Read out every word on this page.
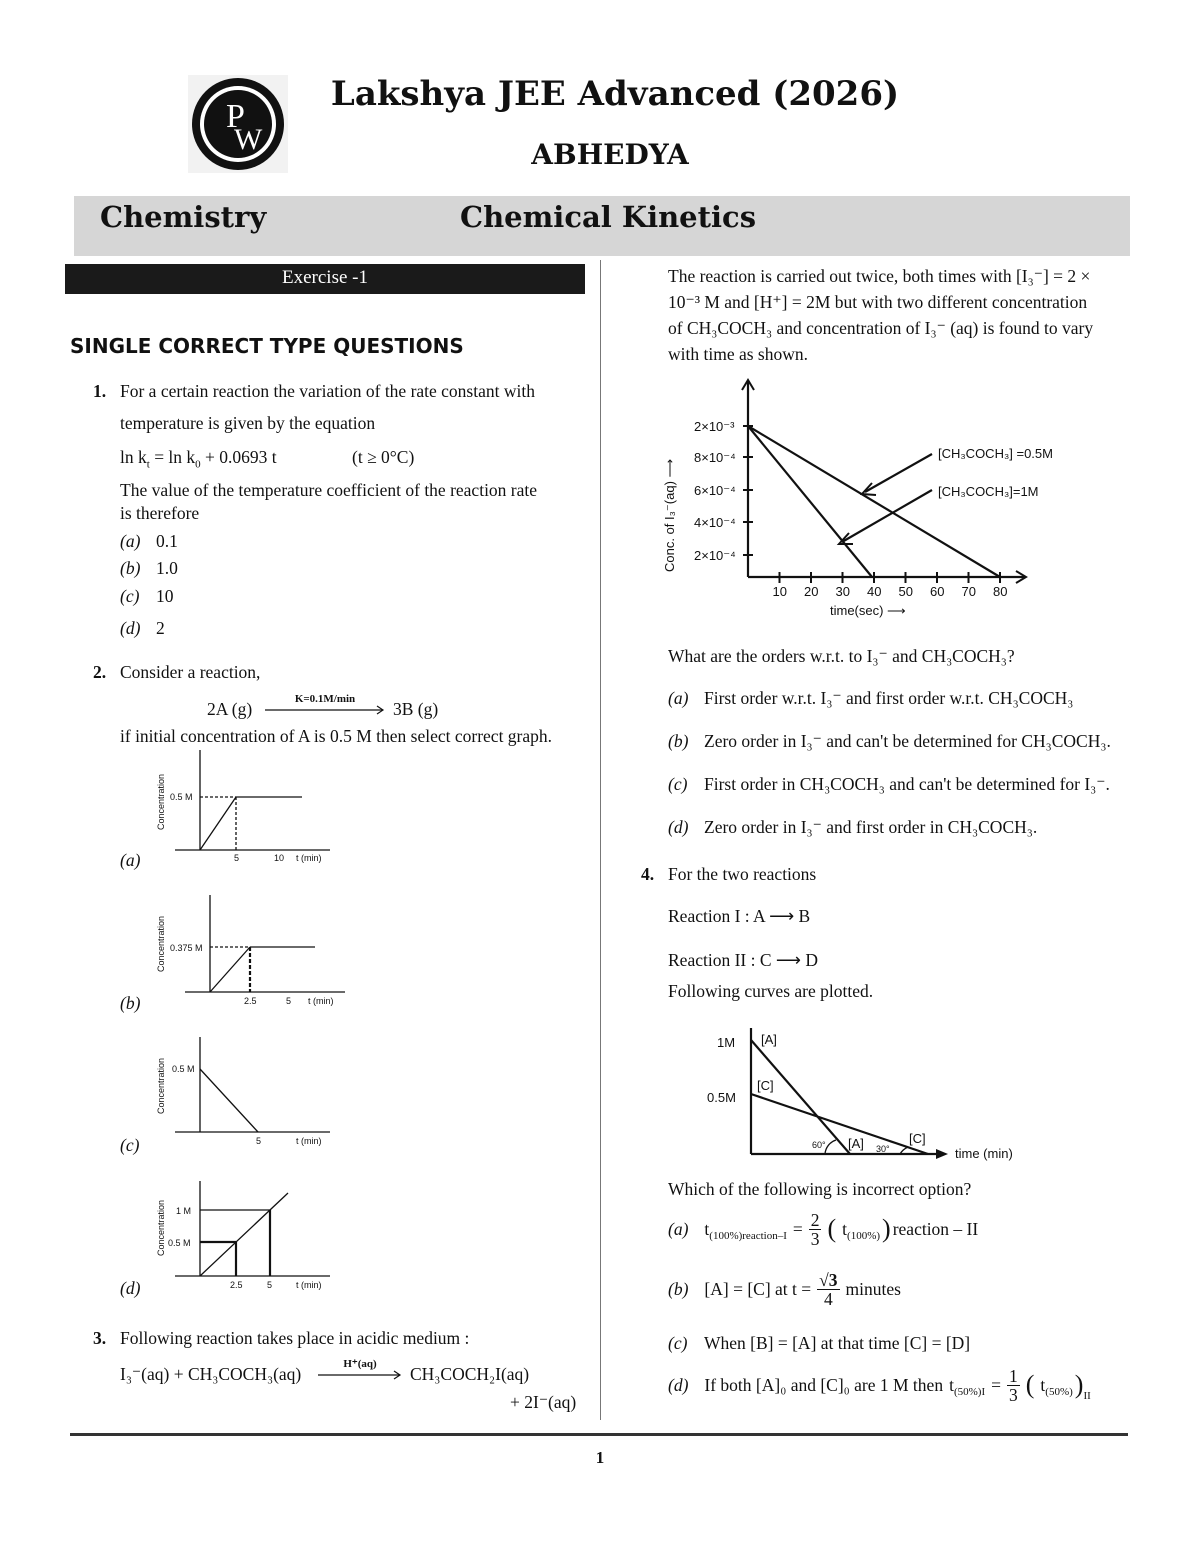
P
W
Lakshya JEE Advanced (2026)
ABHEDYA
Chemistry	Chemical Kinetics
Exercise -1
SINGLE CORRECT TYPE QUESTIONS
1. For a certain reaction the variation of the rate constant with
temperature is given by the equation
$\ln k_t = \ln k_0 + 0.0693$ t	(t ≥ 0°C)
The value of the temperature coefficient of the reaction rate
is therefore
(a) 0.1
(b) 1.0
(c) 10
(d) 2
2. Consider a reaction,
2A (g)	K=0.1M/min	3B (g)
if initial concentration of A is 0.5 M then select correct graph.
(a)
Concentration 0.5 M
5	10 t (min)
(b)
Concentration 0.375 M
2.5	5 t (min)
(c)
Concentration 0.5 M
5	t (min)
(d)
Concentration 1 M
0.5 M
2.5	5	t (min)
3. Following reaction takes place in acidic medium :
I₃⁻(aq) + CH₃COCH₃(aq)	H⁺(aq)	CH₃COCH₂I(aq)
+ 2I⁻(aq)
The reaction is carried out twice, both times with [I₃⁻] = 2 ×
10⁻³ M and [H⁺] = 2M but with two different concentration
of CH₃COCH₃ and concentration of I₃⁻ (aq) is found to vary
with time as shown.
Conc. of I₃⁻(aq) ⟶
2×10⁻³
8×10⁻⁴
6×10⁻⁴
4×10⁻⁴
2×10⁻⁴
10 20 30 40 50 60 70 80
[CH₃COCH₃] =0.5M
[CH₃COCH₃]=1M
time(sec) ⟶
What are the orders w.r.t. to I₃⁻ and CH₃COCH₃?
(a) First order w.r.t. I₃⁻ and first order w.r.t. CH₃COCH₃
(b) Zero order in I₃⁻ and can't be determined for CH₃COCH₃.
(c) First order in CH₃COCH₃ and can't be determined for I₃⁻.
(d) Zero order in I₃⁻ and first order in CH₃COCH₃.
4. For the two reactions
Reaction I : A ⟶ B
Reaction II : C ⟶ D
Following curves are plotted.
1M [A]
[C]
0.5M
60° [A] 30°
[C]
time (min)
Which of the following is incorrect option?
(a) $t_{(100\%)reaction-I} = \frac{2}{3}$ ( $t_{(100\%)}$ ) reaction – II
(b) [A] = [C] at $t = \frac{√3}{4}$ minutes
(c) When [B] = [A] at that time [C] = [D]
(d) If both [A]₀ and [C]₀ are 1 M then $t_{(50\%)I} = \frac{1}{3}$ ( $t_{(50\%)}$ )$_{II}$
1
